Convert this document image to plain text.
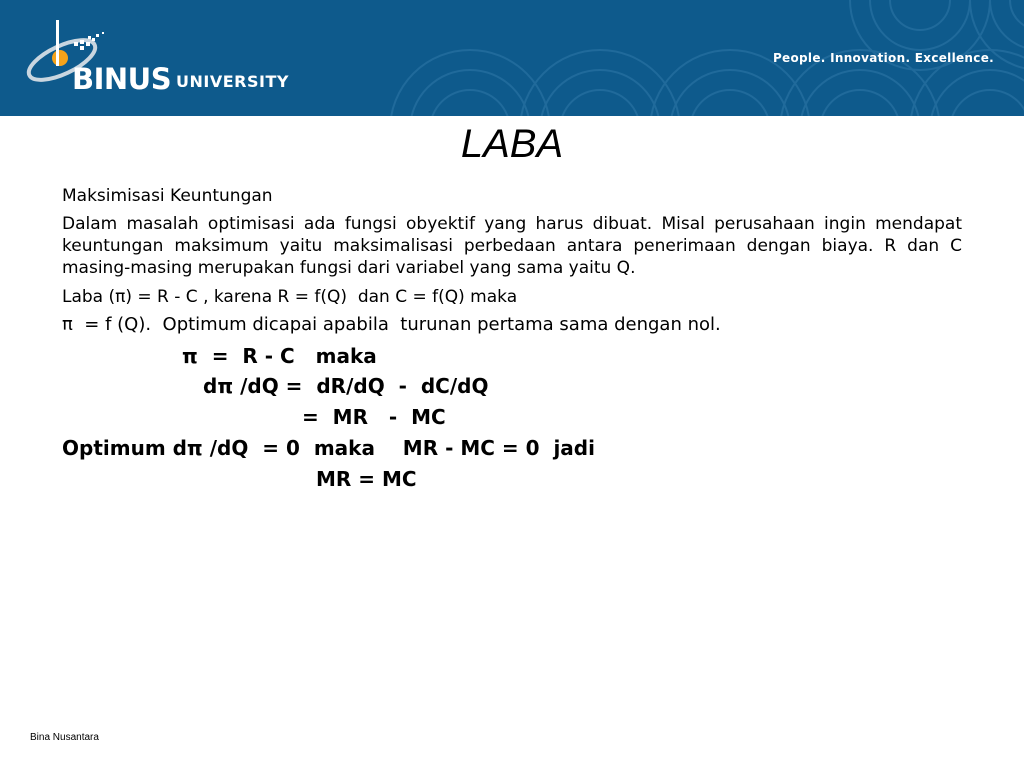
BINUS UNIVERSITY
People. Innovation. Excellence.
LABA

Maksimisasi Keuntungan

Dalam masalah optimisasi ada fungsi obyektif yang harus dibuat. Misal perusahaan ingin mendapat keuntungan maksimum yaitu maksimalisasi perbedaan antara penerimaan dengan biaya. R dan C masing-masing merupakan fungsi dari variabel yang sama yaitu Q.

Laba (π) = R - C , karena R = f(Q)  dan C = f(Q) maka

π  = f (Q).  Optimum dicapai apabila  turunan pertama sama dengan nol.

π  =  R - C   maka
dπ /dQ =  dR/dQ  -  dC/dQ
=  MR   -  MC
Optimum dπ /dQ  = 0  maka    MR - MC = 0  jadi
MR = MC
Bina Nusantara
